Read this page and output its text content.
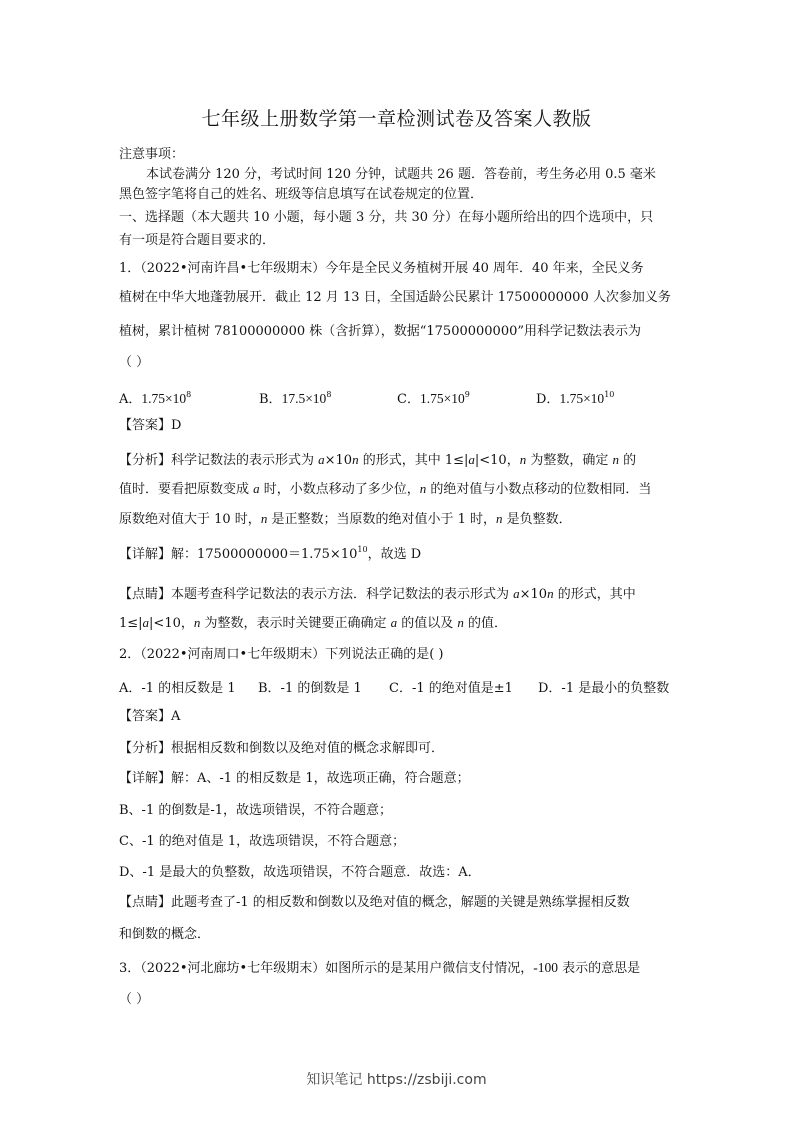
七年级上册数学第一章检测试卷及答案人教版
注意事项：
本试卷满分 120 分，考试时间 120 分钟，试题共 26 题．答卷前，考生务必用 0.5 毫米
黑色签字笔将自己的姓名、班级等信息填写在试卷规定的位置．
一、选择题（本大题共 10 小题，每小题 3 分，共 30 分）在每小题所给出的四个选项中，只
有一项是符合题目要求的．
1．（2022•河南许昌•七年级期末）今年是全民义务植树开展 40 周年．40 年来，全民义务
植树在中华大地蓬勃展开．截止 12 月 13 日，全国适龄公民累计 17500000000 人次参加义务
植树，累计植树 78100000000 株（含折算），数据“17500000000”用科学记数法表示为
（ ）
A．$1.75\times 10^8$	B．$17.5\times 10^8$	C．$1.75\times 10^9$	D．$1.75\times 10^{10}$
【答案】D
【分析】科学记数法的表示形式为 a×10n 的形式，其中 1≤|a|<10，n 为整数，确定 n 的
值时．要看把原数变成 a 时，小数点移动了多少位，n 的绝对值与小数点移动的位数相同．当
原数绝对值大于 10 时，n 是正整数；当原数的绝对值小于 1 时，n 是负整数．
【详解】解：$17500000000=1.75\times 10^{10}$，故选 D
【点睛】本题考查科学记数法的表示方法．科学记数法的表示形式为 a×10n 的形式，其中
1≤|a|<10，n 为整数，表示时关键要正确确定 a 的值以及 n 的值．
2．（2022•河南周口•七年级期末）下列说法正确的是( )
A．-1 的相反数是 1 B．-1 的倒数是 1 C．-1 的绝对值是±1 D．-1 是最小的负整数
【答案】A
【分析】根据相反数和倒数以及绝对值的概念求解即可．
【详解】解：A、-1 的相反数是 1，故选项正确，符合题意；
B、-1 的倒数是-1，故选项错误，不符合题意；
C、-1 的绝对值是 1，故选项错误，不符合题意；
D、-1 是最大的负整数，故选项错误，不符合题意．故选：A．
【点睛】此题考查了-1 的相反数和倒数以及绝对值的概念，解题的关键是熟练掌握相反数
和倒数的概念．
3．（2022•河北廊坊•七年级期末）如图所示的是某用户微信支付情况，-100 表示的意思是
（ ）
知识笔记 https://zsbiji.com
